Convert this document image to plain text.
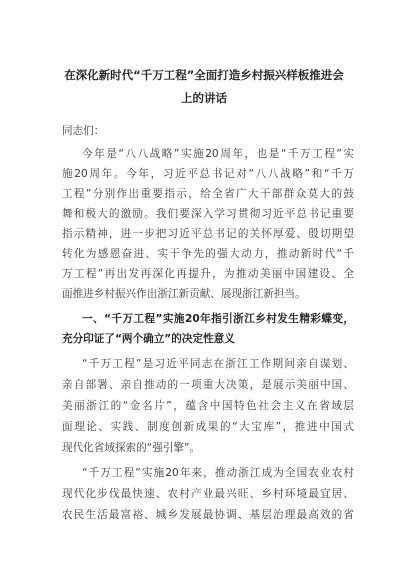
在深化新时代“千万工程”全面打造乡村振兴样板推进会
上的讲话
同志们：
今年是“八八战略”实施20周年，也是“千万工程”实
施20周年。今年，习近平总书记对“八八战略”和“千万
工程”分别作出重要指示，给全省广大干部群众莫大的鼓
舞和极大的激励。我们要深入学习贯彻习近平总书记重要
指示精神，进一步把习近平总书记的关怀厚爱、殷切期望
转化为感恩奋进、实干争先的强大动力，推动新时代“千
万工程”再出发再深化再提升，为推动美丽中国建设、全
面推进乡村振兴作出浙江新贡献、展现浙江新担当。
一、“千万工程”实施20年指引浙江乡村发生精彩蝶变，
充分印证了“两个确立”的决定性意义
“千万工程”是习近平同志在浙江工作期间亲自谋划、
亲自部署、亲自推动的一项重大决策，是展示美丽中国、
美丽浙江的“金名片”，蕴含中国特色社会主义在省域层
面理论、实践、制度创新成果的“大宝库”，推进中国式
现代化省域探索的“强引擎”。
“千万工程”实施20年来，推动浙江成为全国农业农村
现代化步伐最快速、农村产业最兴旺、乡村环境最宜居、
农民生活最富裕、城乡发展最协调、基层治理最高效的省
